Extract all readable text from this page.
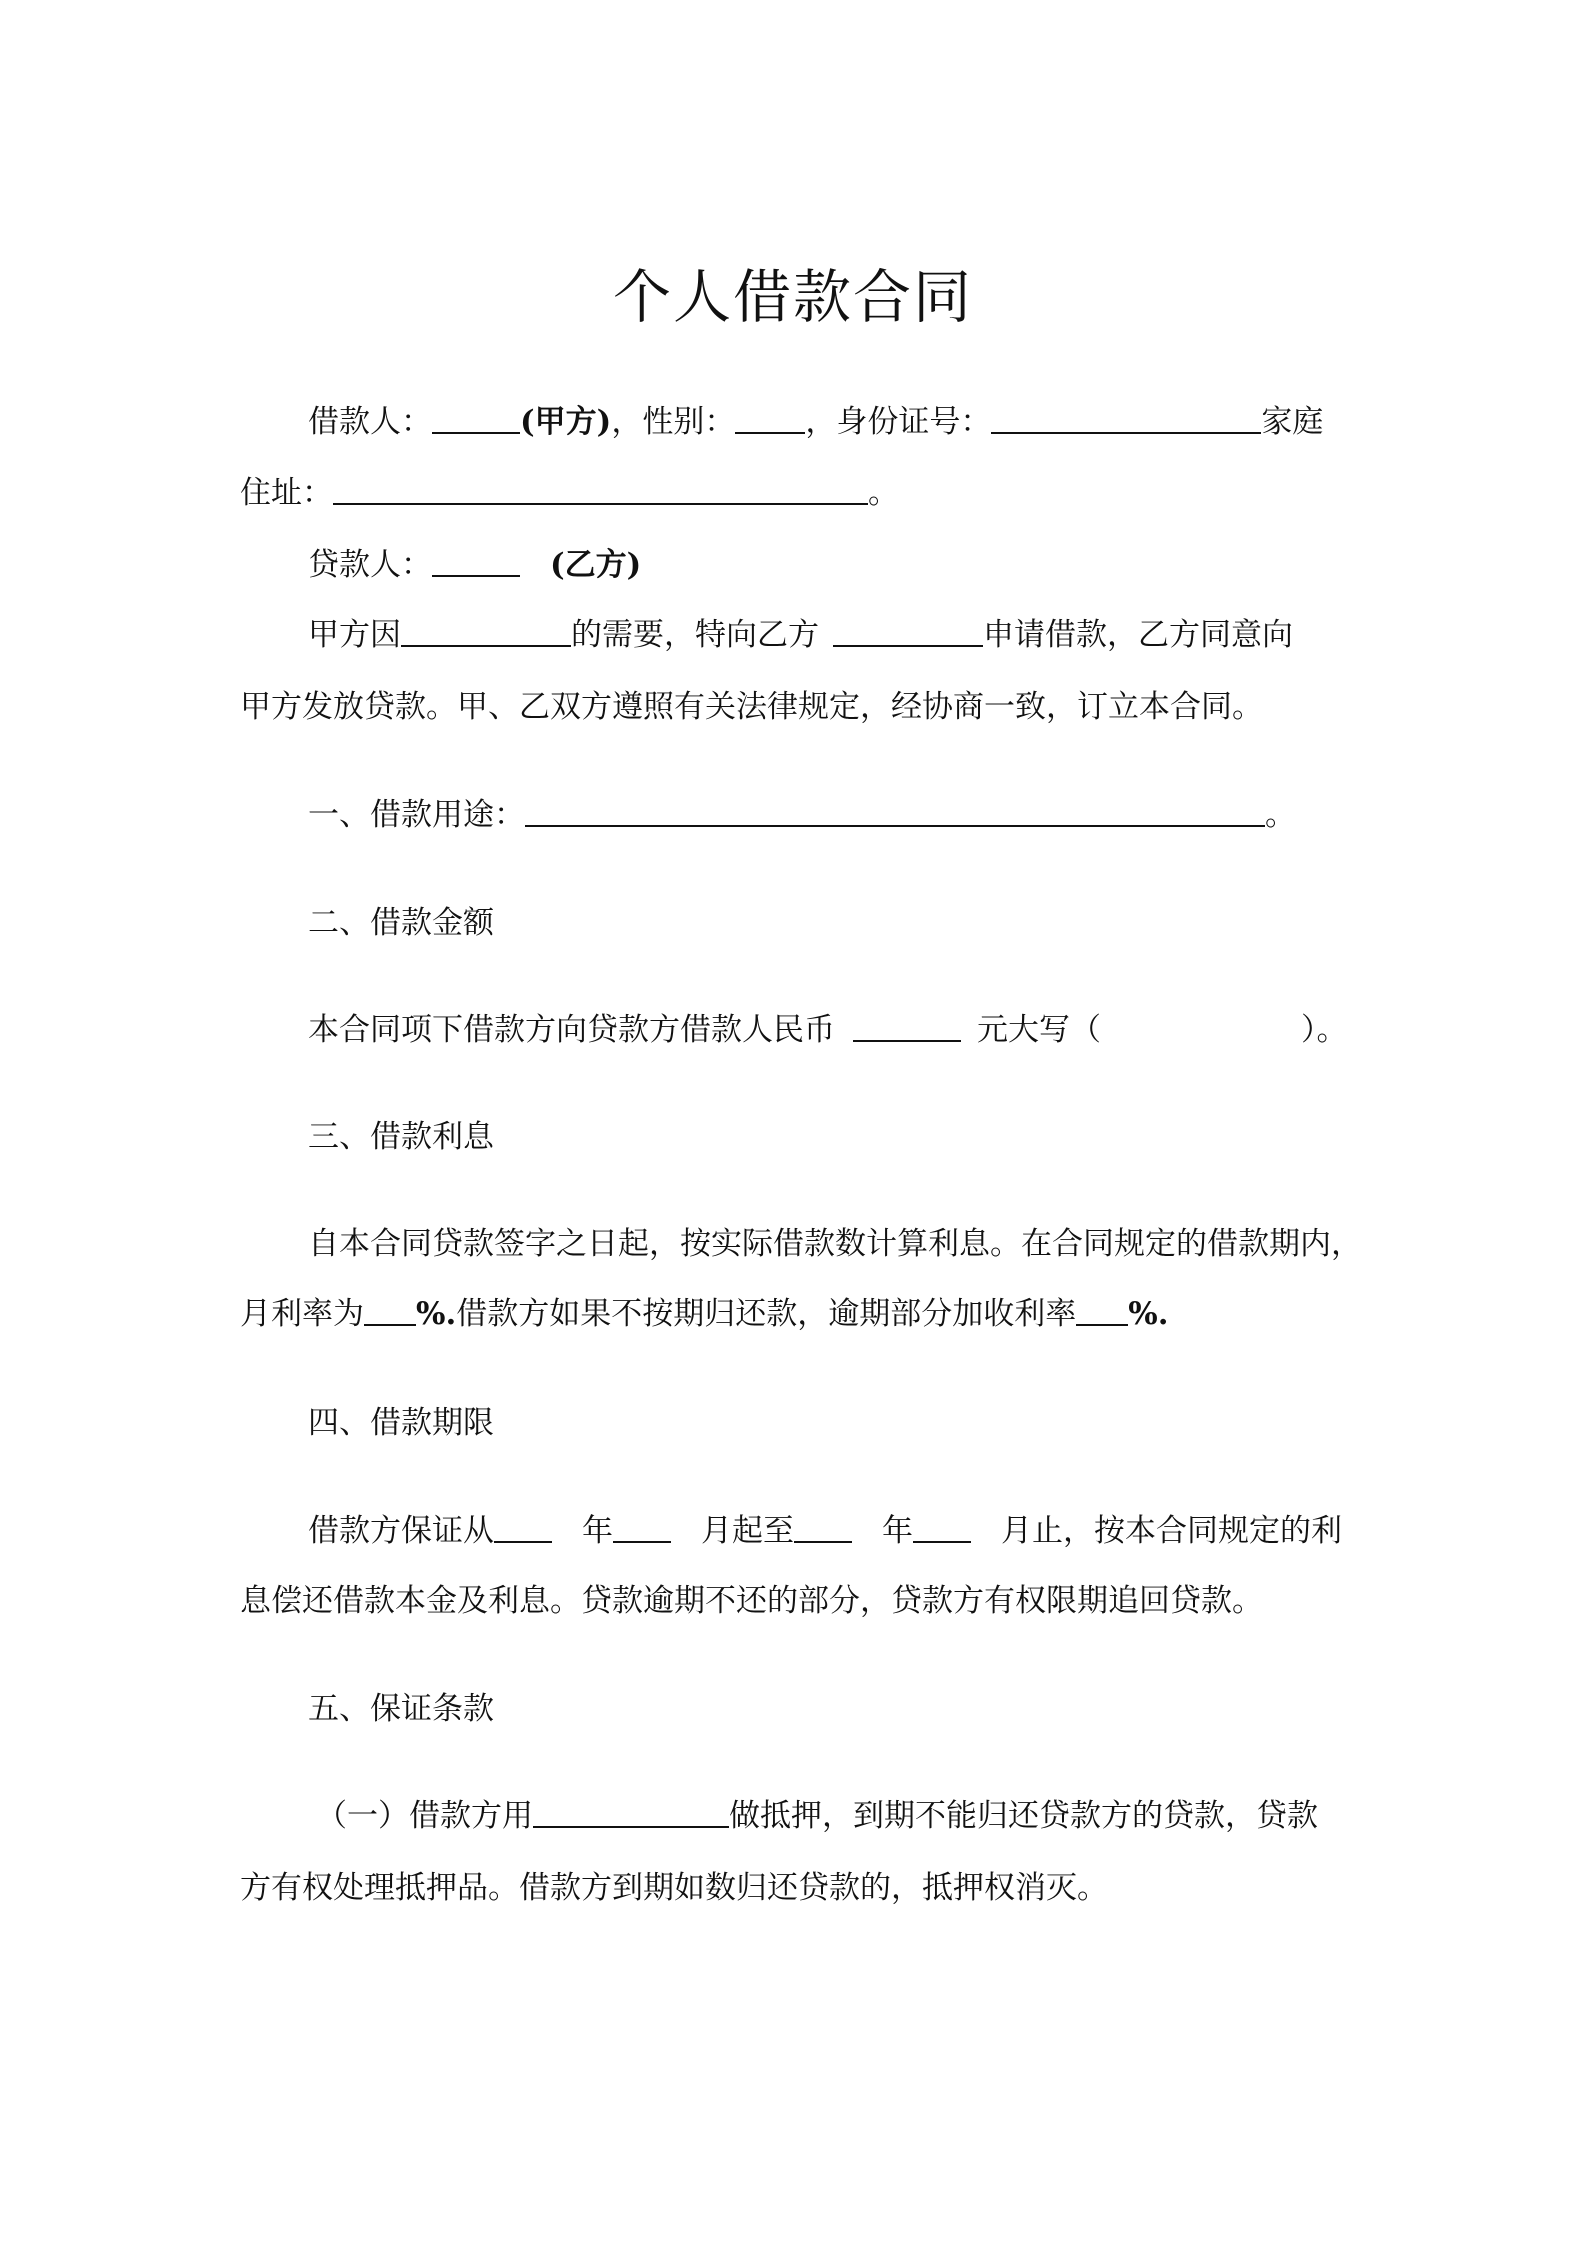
个人借款合同
借款人：	(甲方)，性别： ，身份证号：	家庭
住址：	。
贷款人：	(乙方)
甲方因	的需要，特向乙方	申请借款，乙方同意向
甲方发放贷款。甲、乙双方遵照有关法律规定，经协商一致，订立本合同。
一、借款用途：	。
二、借款金额
本合同项下借款方向贷款方借款人民币	元大写（	）。
三、借款利息
自本合同贷款签字之日起，按实际借款数计算利息。在合同规定的借款期内，
月利率为 %.借款方如果不按期归还款，逾期部分加收利率 %.
四、借款期限
借款方保证从	年	月起至	年	月止，按本合同规定的利
息偿还借款本金及利息。贷款逾期不还的部分，贷款方有权限期追回贷款。
五、保证条款
（一）借款方用	做抵押，到期不能归还贷款方的贷款，贷款
方有权处理抵押品。借款方到期如数归还贷款的，抵押权消灭。
